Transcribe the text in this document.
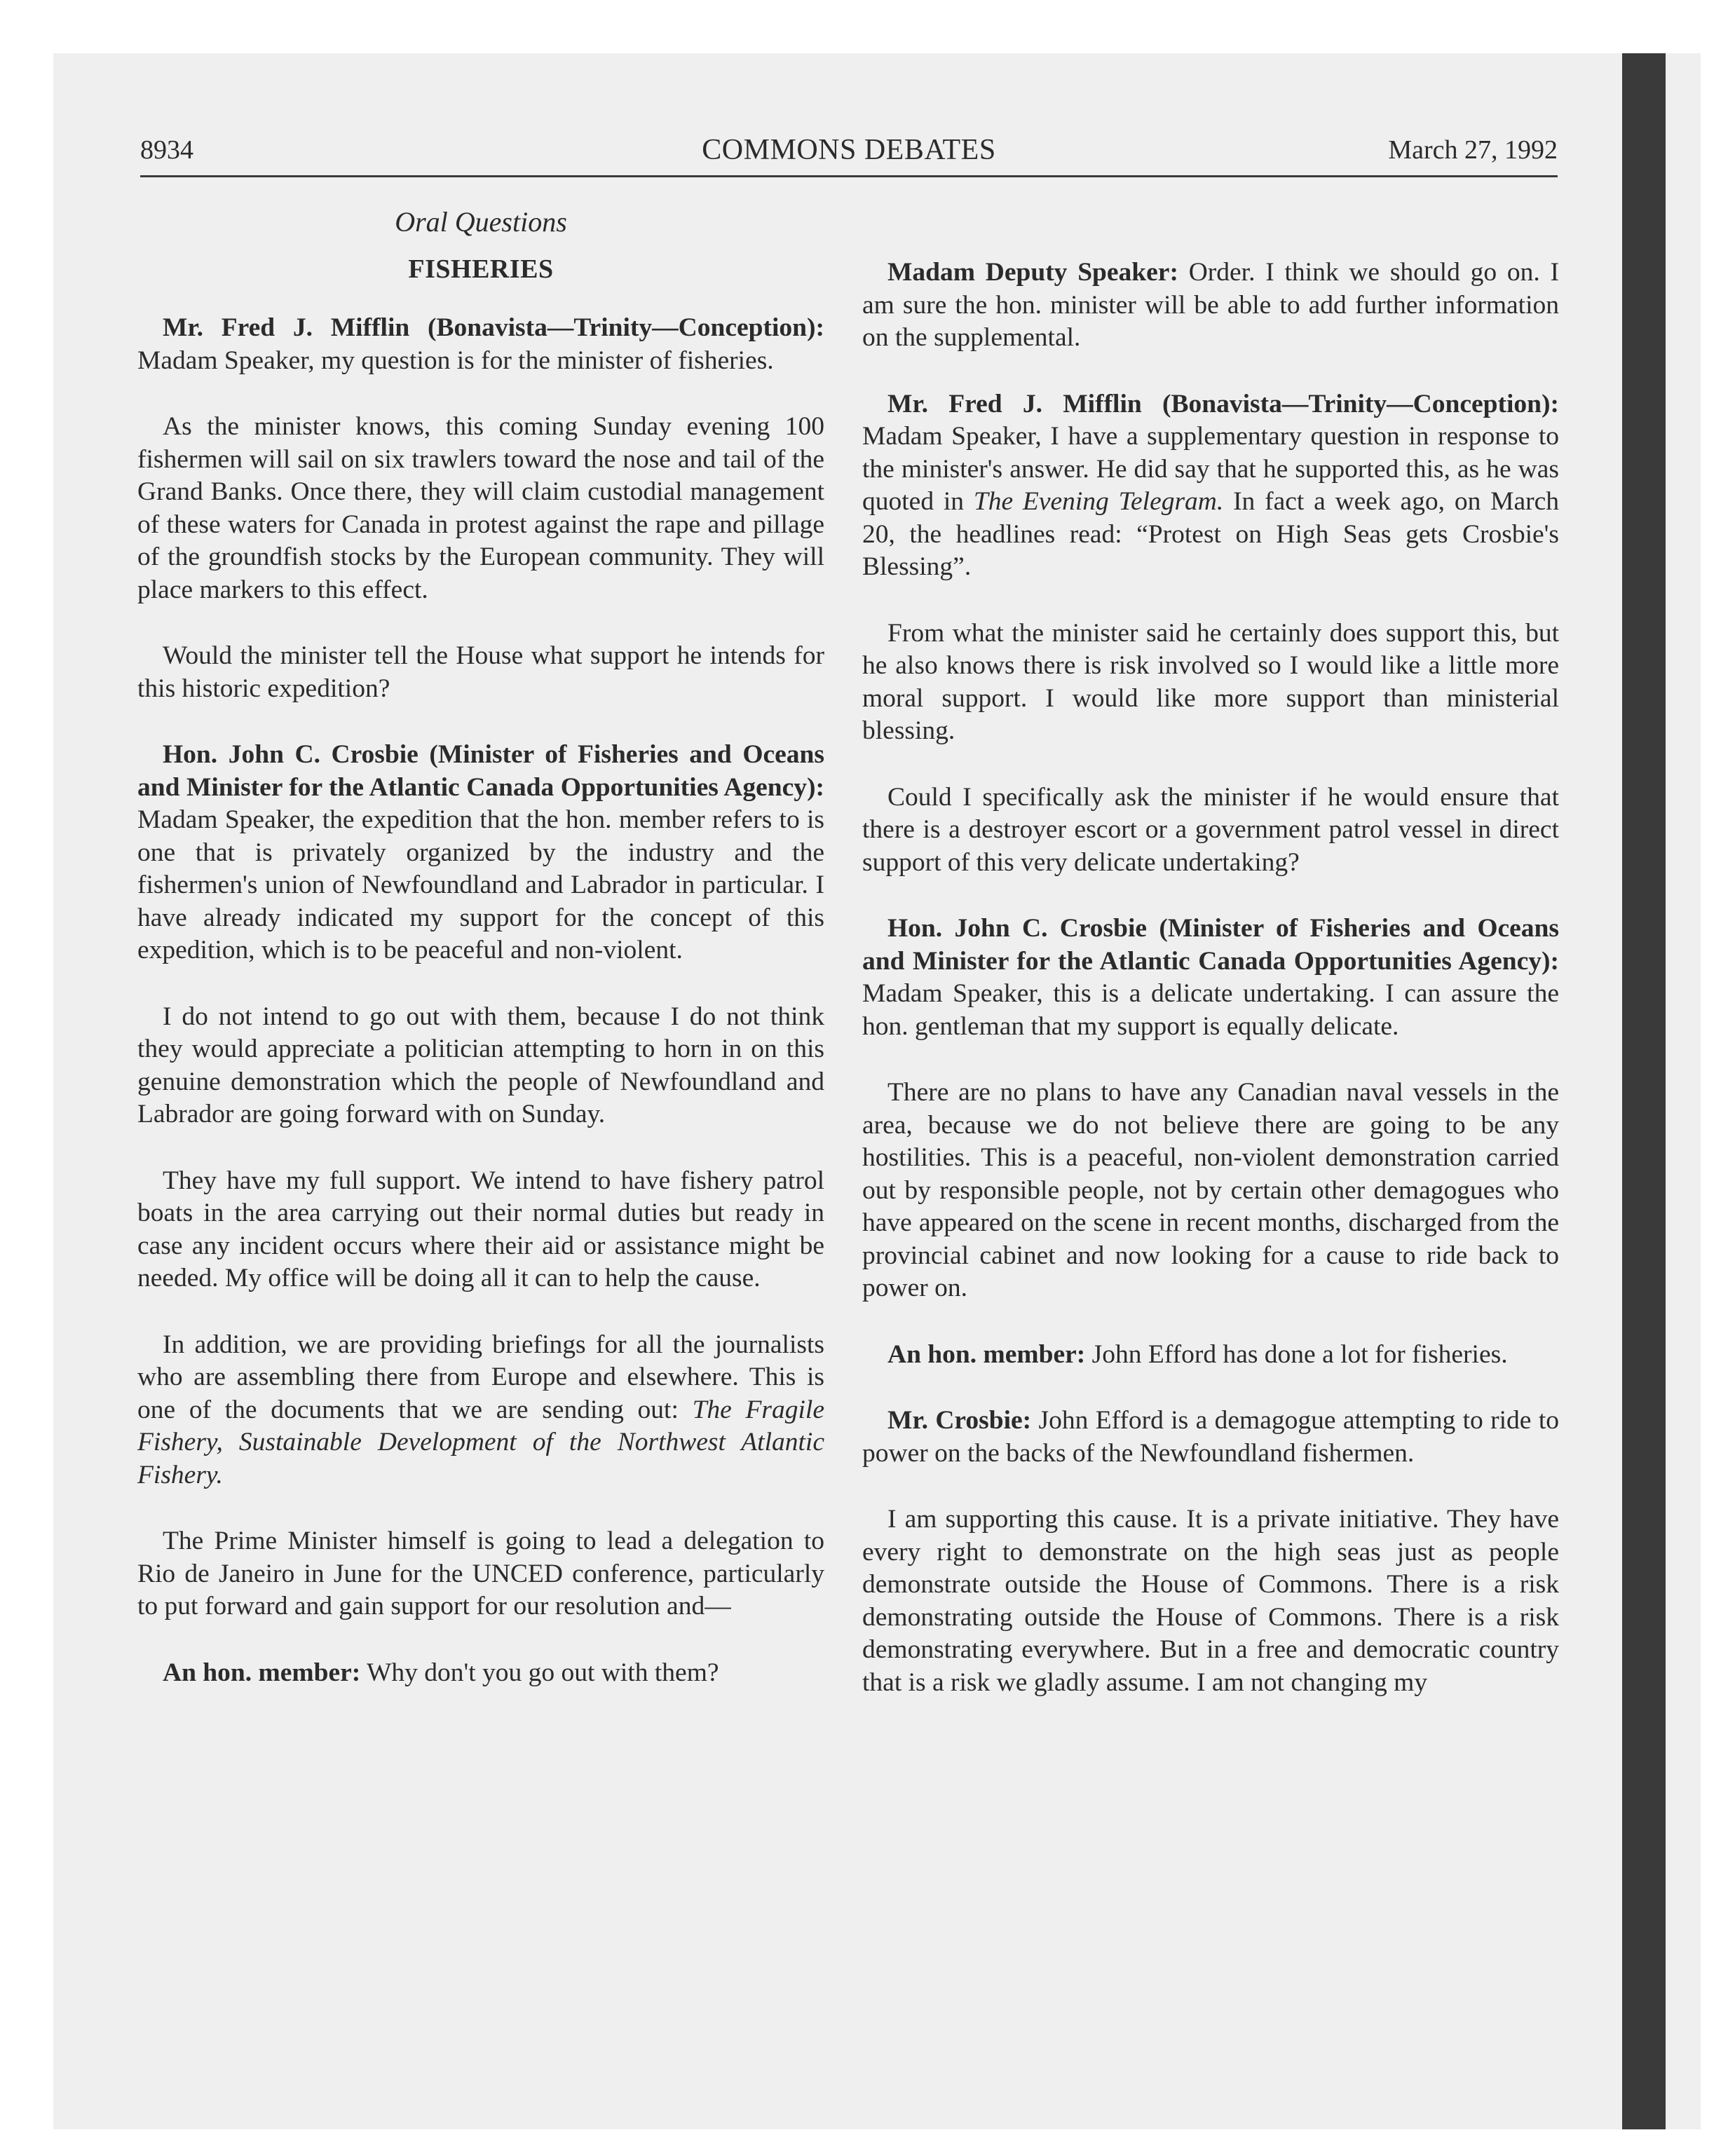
8934	COMMONS DEBATES	March 27, 1992
Oral Questions
FISHERIES

Mr. Fred J. Mifflin (Bonavista—Trinity—Conception): Madam Speaker, my question is for the minister of fisheries.

As the minister knows, this coming Sunday evening 100 fishermen will sail on six trawlers toward the nose and tail of the Grand Banks. Once there, they will claim custodial management of these waters for Canada in protest against the rape and pillage of the groundfish stocks by the European community. They will place markers to this effect.

Would the minister tell the House what support he intends for this historic expedition?

Hon. John C. Crosbie (Minister of Fisheries and Oceans and Minister for the Atlantic Canada Opportunities Agency): Madam Speaker, the expedition that the hon. member refers to is one that is privately organized by the industry and the fishermen's union of Newfoundland and Labrador in particular. I have already indicated my support for the concept of this expedition, which is to be peaceful and non-violent.

I do not intend to go out with them, because I do not think they would appreciate a politician attempting to horn in on this genuine demonstration which the people of Newfoundland and Labrador are going forward with on Sunday.

They have my full support. We intend to have fishery patrol boats in the area carrying out their normal duties but ready in case any incident occurs where their aid or assistance might be needed. My office will be doing all it can to help the cause.

In addition, we are providing briefings for all the journalists who are assembling there from Europe and elsewhere. This is one of the documents that we are sending out: The Fragile Fishery, Sustainable Development of the Northwest Atlantic Fishery.

The Prime Minister himself is going to lead a delegation to Rio de Janeiro in June for the UNCED conference, particularly to put forward and gain support for our resolution and—

An hon. member: Why don't you go out with them?

Madam Deputy Speaker: Order. I think we should go on. I am sure the hon. minister will be able to add further information on the supplemental.

Mr. Fred J. Mifflin (Bonavista—Trinity—Conception): Madam Speaker, I have a supplementary question in response to the minister's answer. He did say that he supported this, as he was quoted in The Evening Telegram. In fact a week ago, on March 20, the headlines read: “Protest on High Seas gets Crosbie's Blessing”.

From what the minister said he certainly does support this, but he also knows there is risk involved so I would like a little more moral support. I would like more support than ministerial blessing.

Could I specifically ask the minister if he would ensure that there is a destroyer escort or a government patrol vessel in direct support of this very delicate undertaking?

Hon. John C. Crosbie (Minister of Fisheries and Oceans and Minister for the Atlantic Canada Opportunities Agency): Madam Speaker, this is a delicate undertaking. I can assure the hon. gentleman that my support is equally delicate.

There are no plans to have any Canadian naval vessels in the area, because we do not believe there are going to be any hostilities. This is a peaceful, non-violent demonstration carried out by responsible people, not by certain other demagogues who have appeared on the scene in recent months, discharged from the provincial cabinet and now looking for a cause to ride back to power on.

An hon. member: John Efford has done a lot for fisheries.

Mr. Crosbie: John Efford is a demagogue attempting to ride to power on the backs of the Newfoundland fishermen.

I am supporting this cause. It is a private initiative. They have every right to demonstrate on the high seas just as people demonstrate outside the House of Commons. There is a risk demonstrating outside the House of Commons. There is a risk demonstrating everywhere. But in a free and democratic country that is a risk we gladly assume. I am not changing my
